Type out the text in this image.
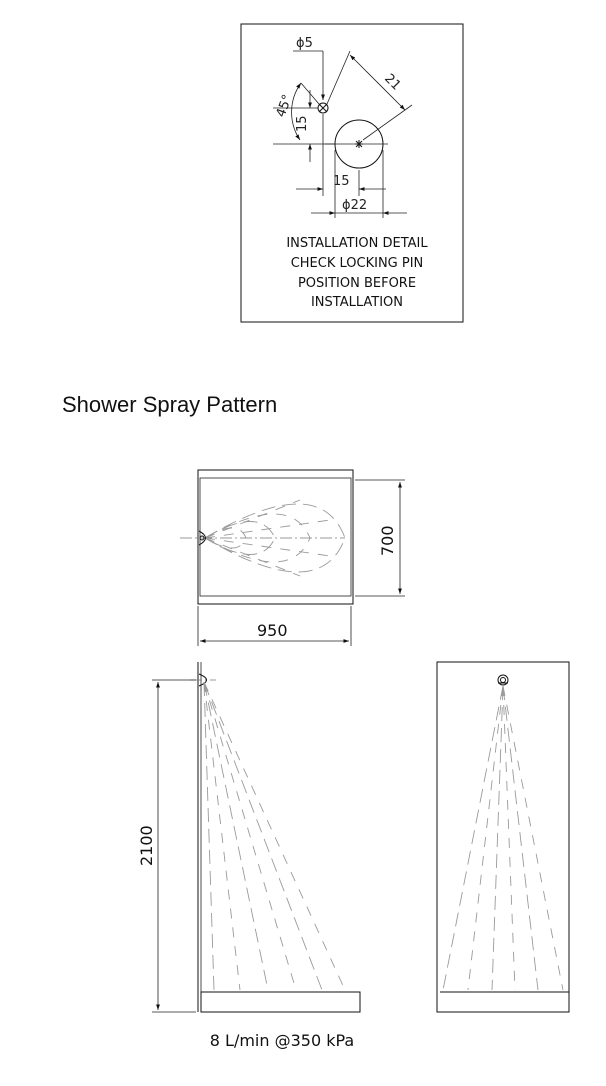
ϕ5
21
45°
15
15
ϕ22
INSTALLATION DETAIL
CHECK LOCKING PIN
POSITION BEFORE
INSTALLATION
Shower Spray Pattern
700
950
2100
8 L/min @350 kPa
